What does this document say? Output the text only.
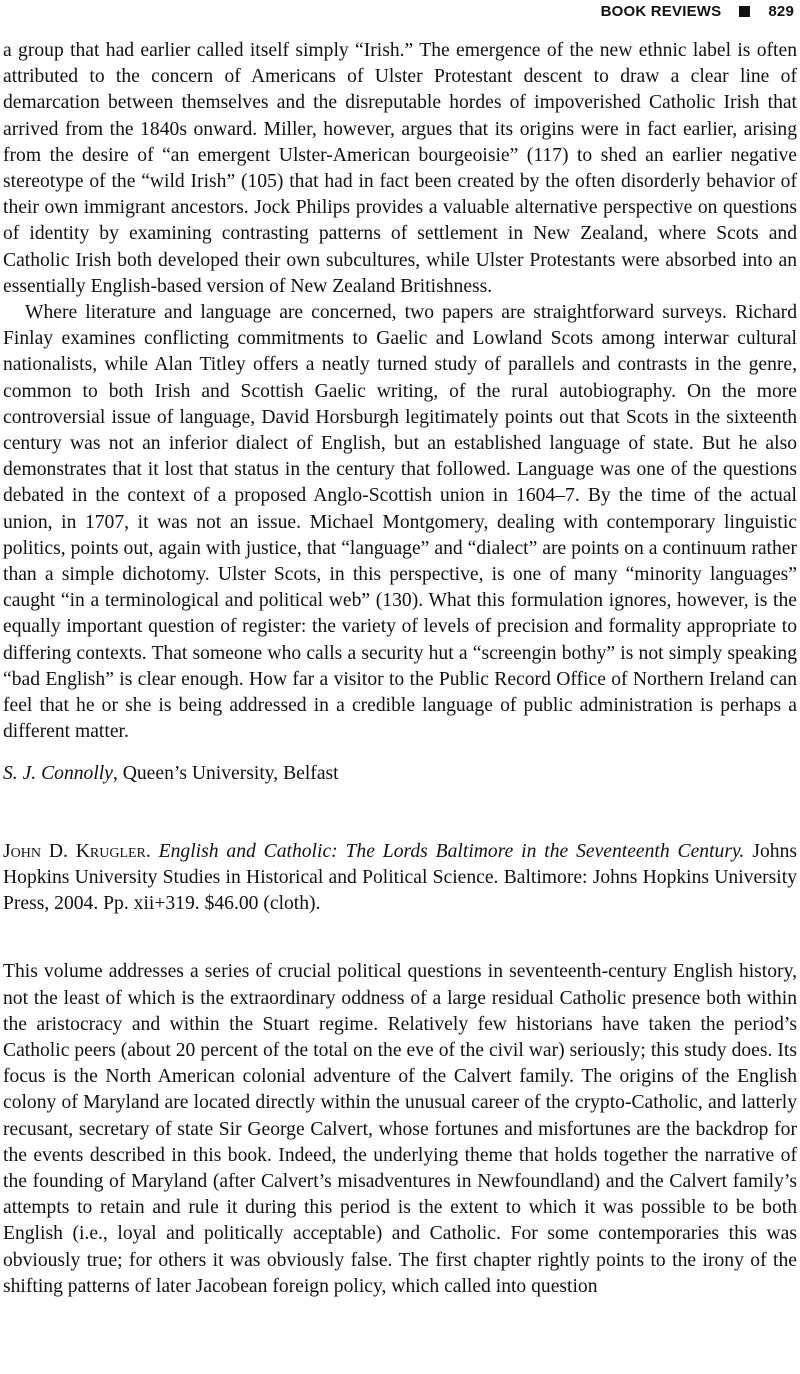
BOOK REVIEWS	829

a group that had earlier called itself simply “Irish.” The emergence of the new ethnic label is often attributed to the concern of Americans of Ulster Protestant descent to draw a clear line of demarcation between themselves and the disreputable hordes of impoverished Catholic Irish that arrived from the 1840s onward. Miller, however, argues that its origins were in fact earlier, arising from the desire of “an emergent Ulster-American bourgeoisie” (117) to shed an earlier negative stereotype of the “wild Irish” (105) that had in fact been created by the often disorderly behavior of their own immigrant ancestors. Jock Philips provides a valuable alternative perspective on questions of identity by examining contrasting patterns of settlement in New Zealand, where Scots and Catholic Irish both developed their own subcultures, while Ulster Protestants were absorbed into an essentially English-based version of New Zealand Britishness.

Where literature and language are concerned, two papers are straightforward surveys. Richard Finlay examines conflicting commitments to Gaelic and Lowland Scots among interwar cultural nationalists, while Alan Titley offers a neatly turned study of parallels and contrasts in the genre, common to both Irish and Scottish Gaelic writing, of the rural autobiography. On the more controversial issue of language, David Horsburgh legitimately points out that Scots in the sixteenth century was not an inferior dialect of English, but an established language of state. But he also demonstrates that it lost that status in the century that followed. Language was one of the questions debated in the context of a proposed Anglo-Scottish union in 1604–7. By the time of the actual union, in 1707, it was not an issue. Michael Montgomery, dealing with contemporary linguistic politics, points out, again with justice, that “language” and “dialect” are points on a continuum rather than a simple dichotomy. Ulster Scots, in this perspective, is one of many “minority languages” caught “in a terminological and political web” (130). What this formulation ignores, however, is the equally important question of register: the variety of levels of precision and formality appropriate to differing contexts. That someone who calls a security hut a “screengin bothy” is not simply speaking “bad English” is clear enough. How far a visitor to the Public Record Office of Northern Ireland can feel that he or she is being addressed in a credible language of public administration is perhaps a different matter.

S. J. Connolly, Queen’s University, Belfast

John D. Krugler. English and Catholic: The Lords Baltimore in the Seventeenth Century. Johns Hopkins University Studies in Historical and Political Science. Baltimore: Johns Hopkins University Press, 2004. Pp. xii+319. $46.00 (cloth).

This volume addresses a series of crucial political questions in seventeenth-century English history, not the least of which is the extraordinary oddness of a large residual Catholic presence both within the aristocracy and within the Stuart regime. Relatively few historians have taken the period’s Catholic peers (about 20 percent of the total on the eve of the civil war) seriously; this study does. Its focus is the North American colonial adventure of the Calvert family. The origins of the English colony of Maryland are located directly within the unusual career of the crypto-Catholic, and latterly recusant, secretary of state Sir George Calvert, whose fortunes and misfortunes are the backdrop for the events described in this book. Indeed, the underlying theme that holds together the narrative of the founding of Maryland (after Calvert’s misadventures in Newfoundland) and the Calvert family’s attempts to retain and rule it during this period is the extent to which it was possible to be both English (i.e., loyal and politically acceptable) and Catholic. For some contemporaries this was obviously true; for others it was obviously false. The first chapter rightly points to the irony of the shifting patterns of later Jacobean foreign policy, which called into question
